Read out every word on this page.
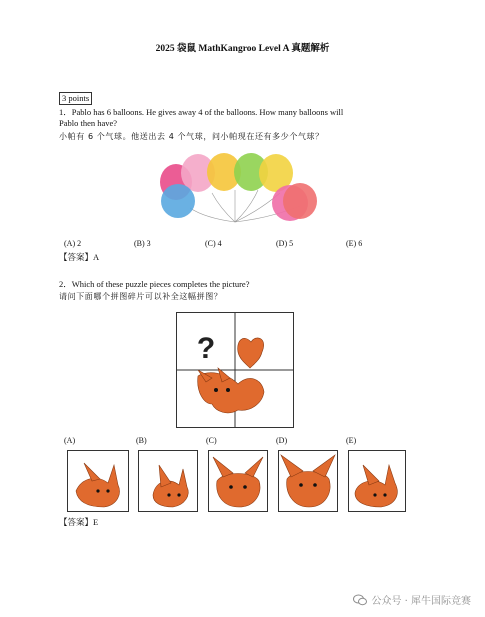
2025 袋鼠 MathKangroo Level A 真题解析
3 points
1．Pablo has 6 balloons. He gives away 4 of the balloons. How many balloons will
Pablo then have?
小帕有 6 个气球。他送出去 4 个气球，问小帕现在还有多少个气球？
(A) 2	(B) 3	(C) 4	(D) 5	(E) 6
【答案】A
2．Which of these puzzle pieces completes the picture?
请问下面哪个拼图碎片可以补全这幅拼图？
?
(A)	(B)	(C)	(D)	(E)
【答案】E
公众号 · 犀牛国际竞赛
